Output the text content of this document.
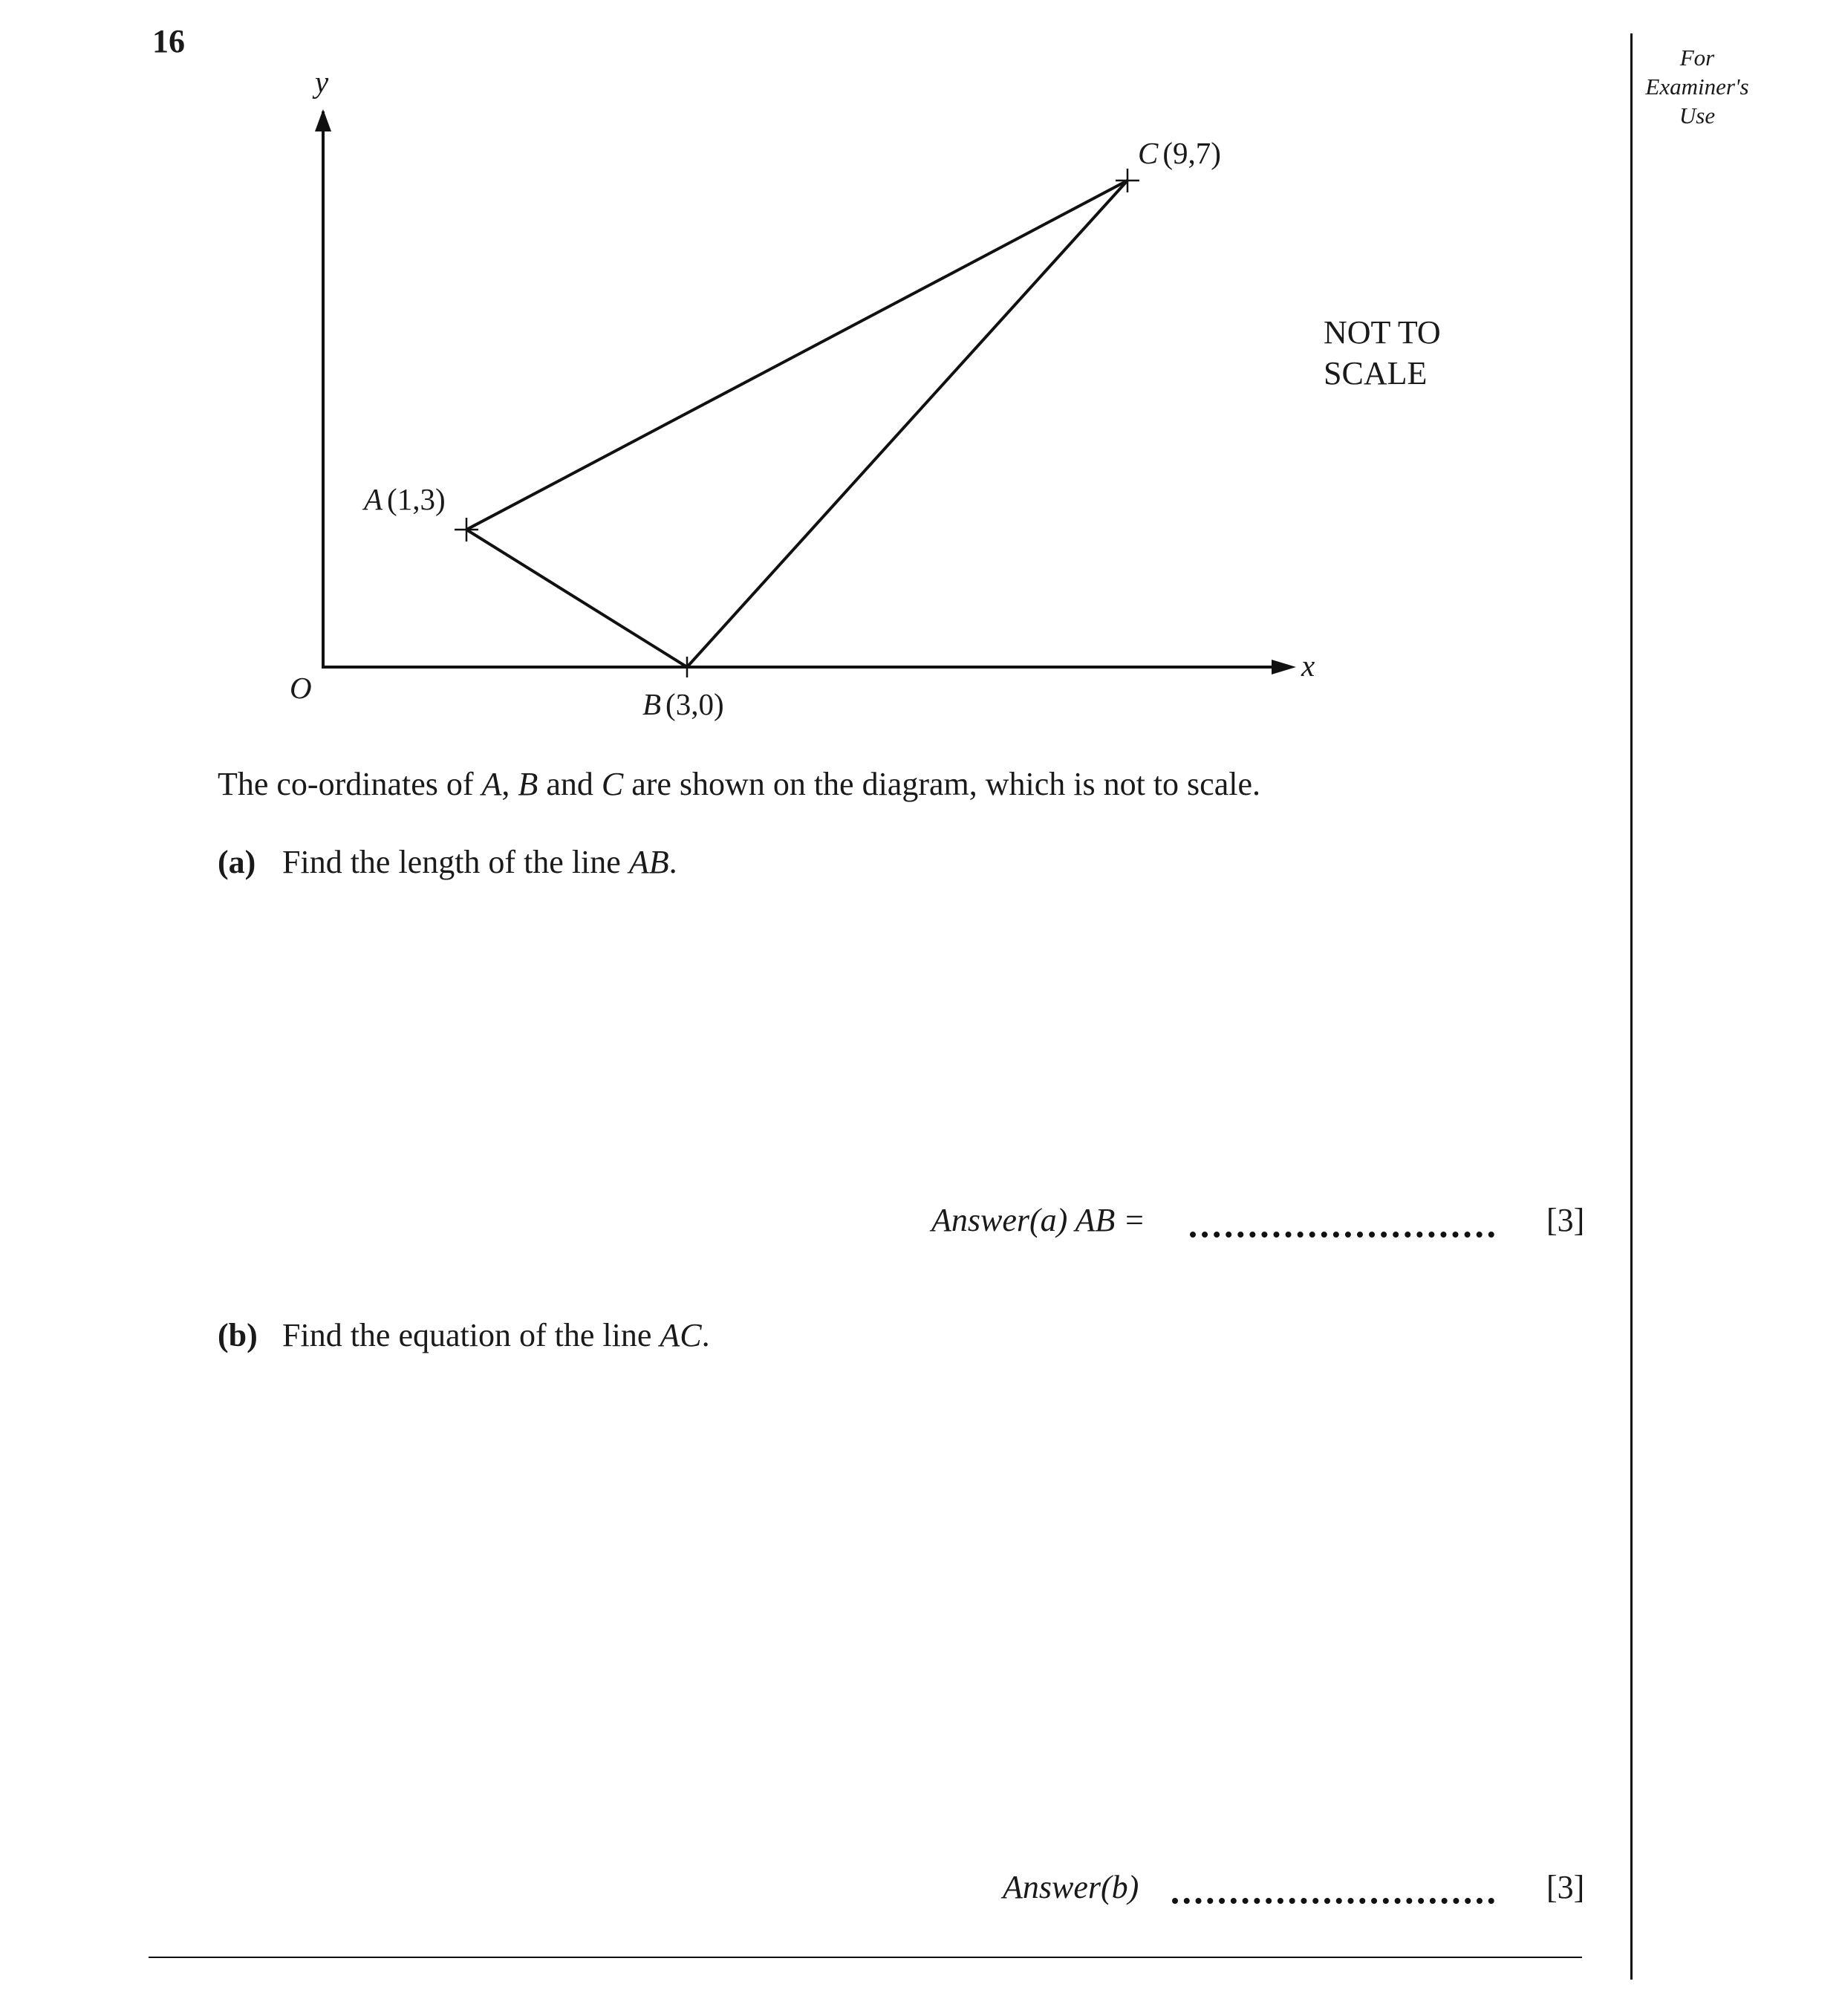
16	For
Examiner's
Use
y
x
O
A (1,3)
B (3,0)
C (9,7)
NOT TO
SCALE
The co-ordinates of A, B and C are shown on the diagram, which is not to scale.
(a) Find the length of the line AB.
Answer(a) AB =	[3]
(b) Find the equation of the line AC.
Answer(b)	[3]
